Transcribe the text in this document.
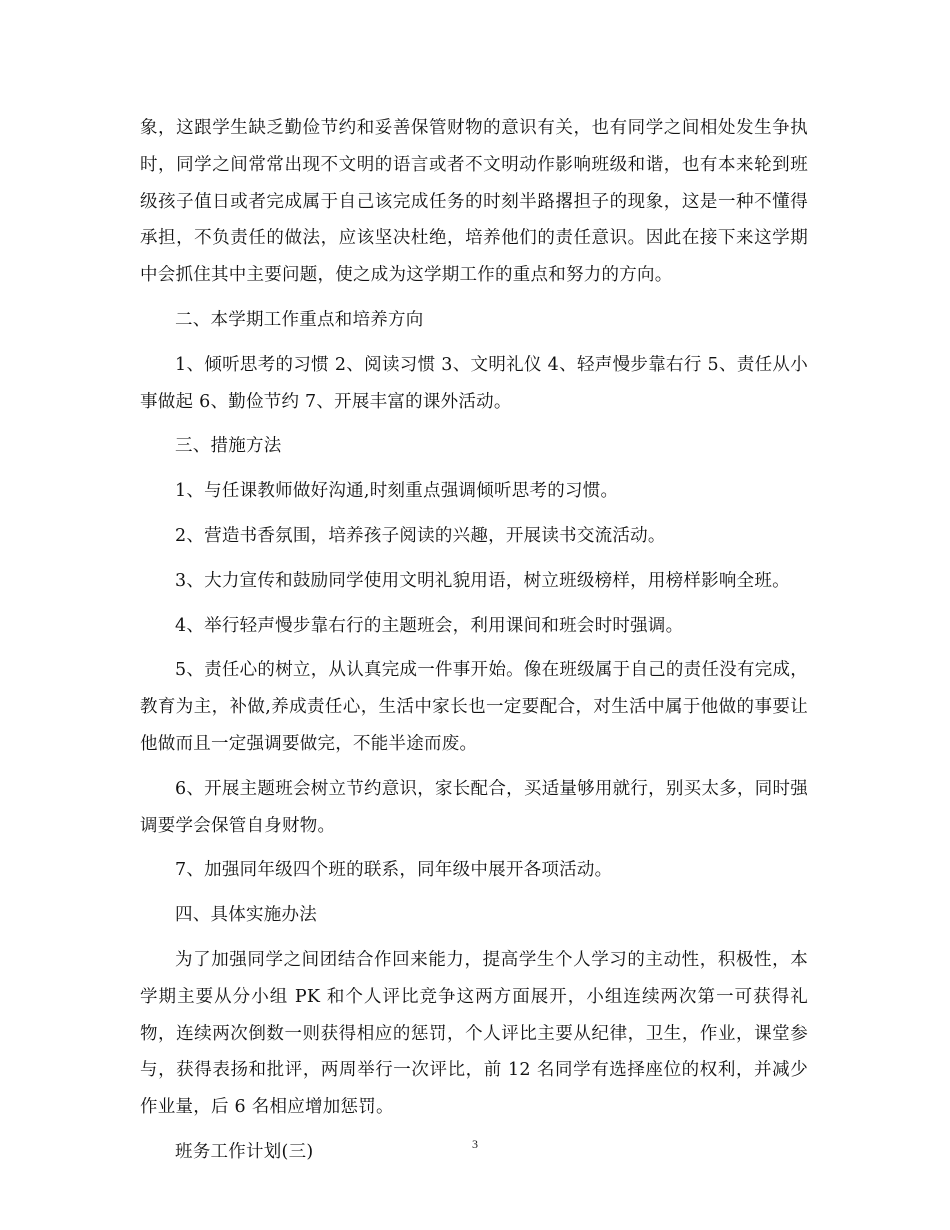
象，这跟学生缺乏勤俭节约和妥善保管财物的意识有关，也有同学之间相处发生争执时，同学之间常常出现不文明的语言或者不文明动作影响班级和谐，也有本来轮到班级孩子值日或者完成属于自己该完成任务的时刻半路撂担子的现象，这是一种不懂得承担，不负责任的做法，应该坚决杜绝，培养他们的责任意识。因此在接下来这学期中会抓住其中主要问题，使之成为这学期工作的重点和努力的方向。

二、本学期工作重点和培养方向

1、倾听思考的习惯 2、阅读习惯 3、文明礼仪 4、轻声慢步靠右行 5、责任从小事做起 6、勤俭节约 7、开展丰富的课外活动。

三、措施方法

1、与任课教师做好沟通,时刻重点强调倾听思考的习惯。

2、营造书香氛围，培养孩子阅读的兴趣，开展读书交流活动。

3、大力宣传和鼓励同学使用文明礼貌用语，树立班级榜样，用榜样影响全班。

4、举行轻声慢步靠右行的主题班会，利用课间和班会时时强调。

5、责任心的树立，从认真完成一件事开始。像在班级属于自己的责任没有完成，教育为主，补做,养成责任心，生活中家长也一定要配合，对生活中属于他做的事要让他做而且一定强调要做完，不能半途而废。

6、开展主题班会树立节约意识，家长配合，买适量够用就行，别买太多，同时强调要学会保管自身财物。

7、加强同年级四个班的联系，同年级中展开各项活动。

四、具体实施办法

为了加强同学之间团结合作回来能力，提高学生个人学习的主动性，积极性，本学期主要从分小组 PK 和个人评比竞争这两方面展开，小组连续两次第一可获得礼物，连续两次倒数一则获得相应的惩罚，个人评比主要从纪律，卫生，作业，课堂参与，获得表扬和批评，两周举行一次评比，前 12 名同学有选择座位的权利，并减少作业量，后 6 名相应增加惩罚。

班务工作计划(三)	3
